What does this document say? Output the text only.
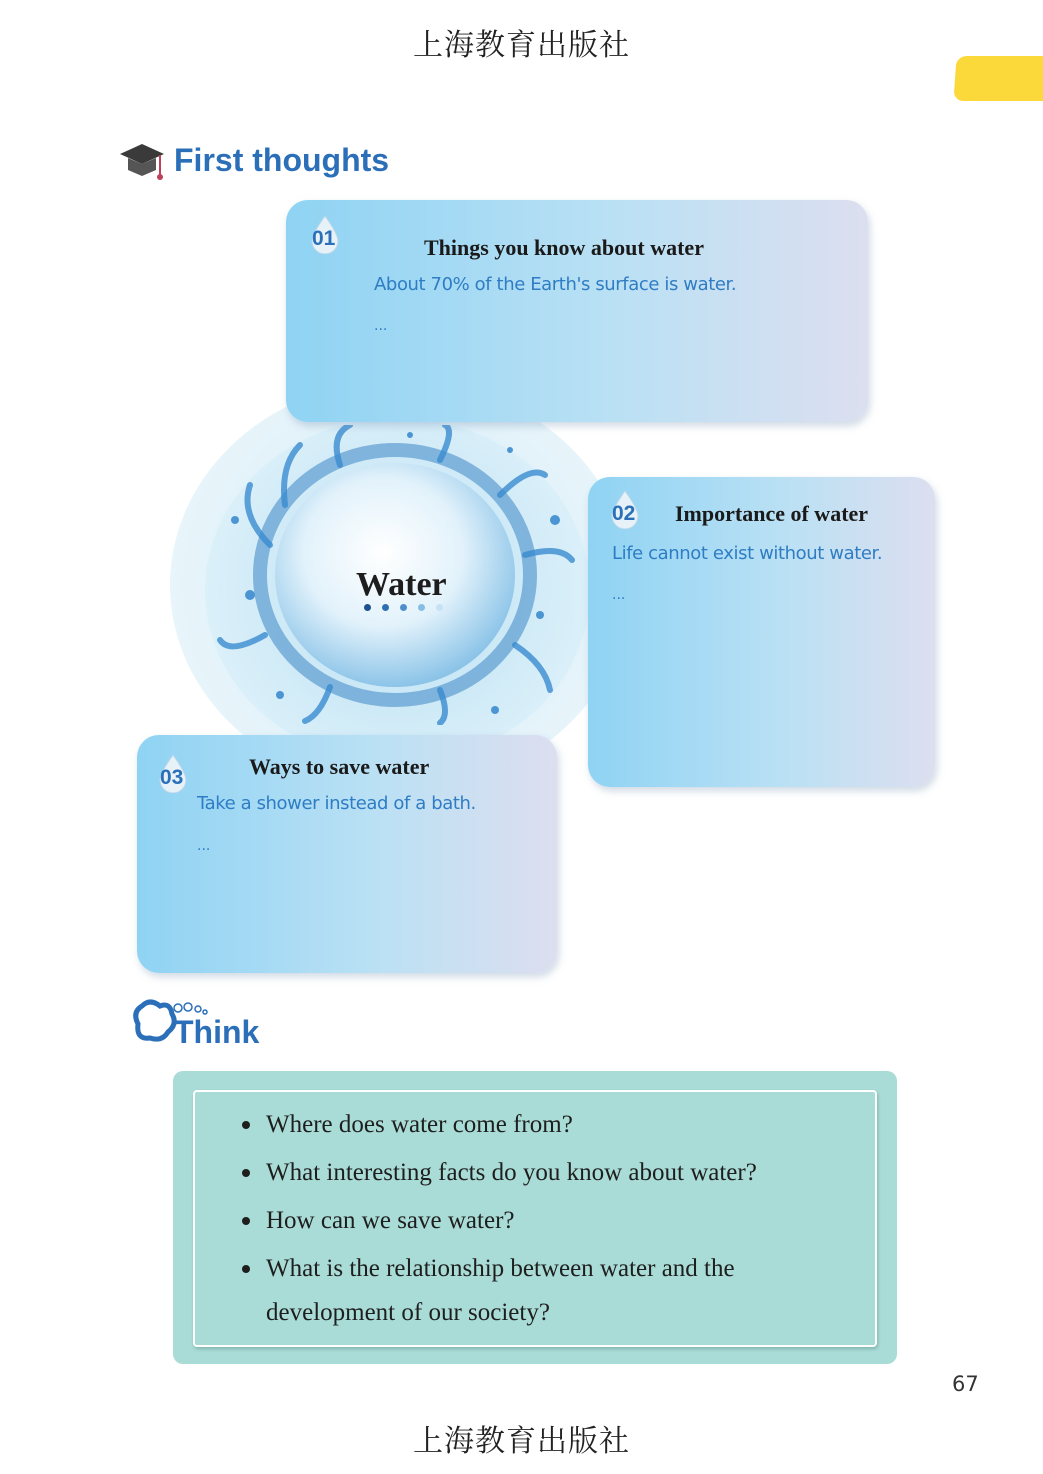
上海教育出版社
First thoughts
Water
01	Things you know about water
About 70% of the Earth's surface is water.
...
02 Importance of water
Life cannot exist without water.
...
03	Ways to save water
Take a shower instead of a bath.
...
Think
Where does water come from?
What interesting facts do you know about water?
How can we save water?
What is the relationship between water and the development of our society?
67
上海教育出版社
